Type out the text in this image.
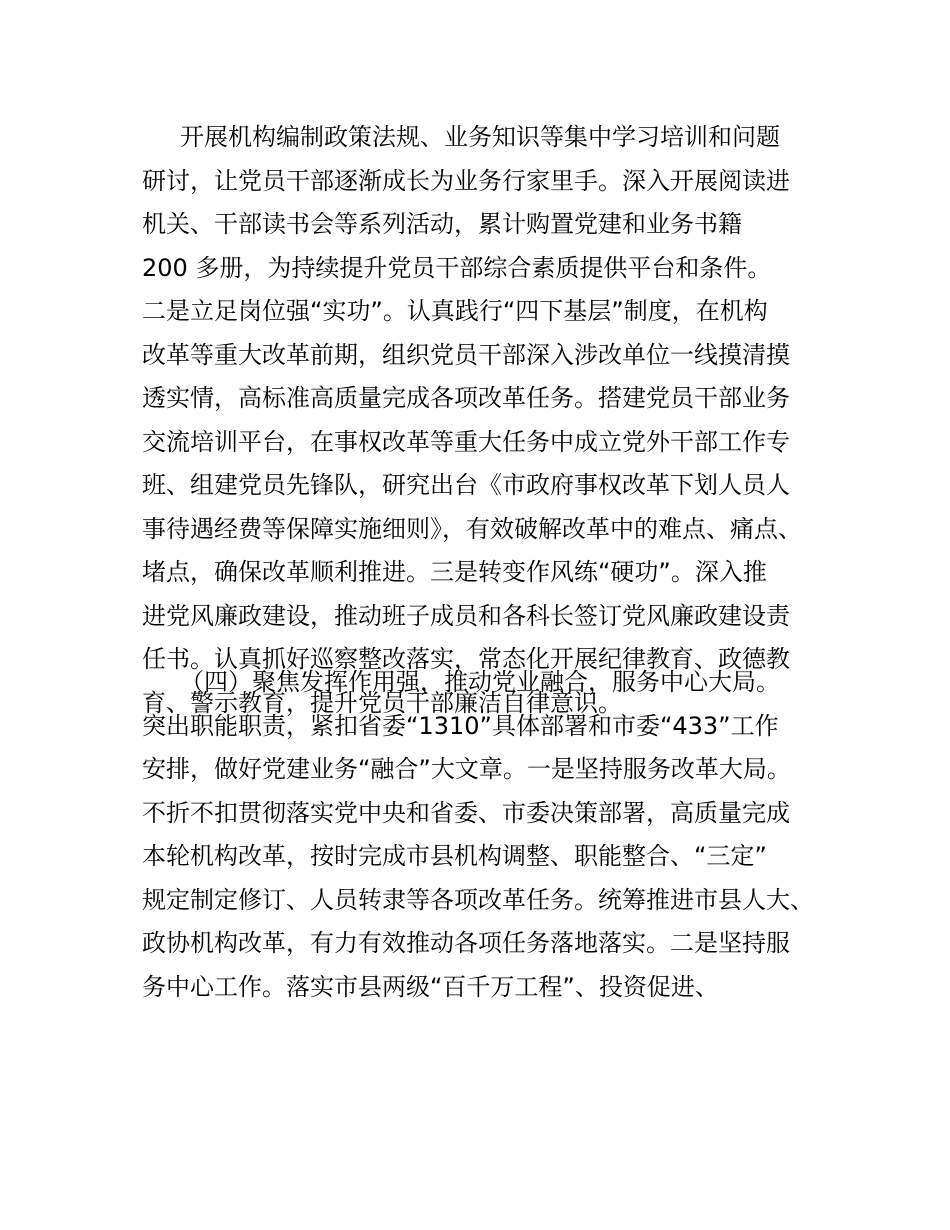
开展机构编制政策法规、业务知识等集中学习培训和问题
研讨，让党员干部逐渐成长为业务行家里手。深入开展阅读进
机关、干部读书会等系列活动，累计购置党建和业务书籍
200 多册，为持续提升党员干部综合素质提供平台和条件。
二是立足岗位强“实功”。认真践行“四下基层”制度，在机构
改革等重大改革前期，组织党员干部深入涉改单位一线摸清摸
透实情，高标准高质量完成各项改革任务。搭建党员干部业务
交流培训平台，在事权改革等重大任务中成立党外干部工作专
班、组建党员先锋队，研究出台《市政府事权改革下划人员人
事待遇经费等保障实施细则》，有效破解改革中的难点、痛点、
堵点，确保改革顺利推进。三是转变作风练“硬功”。深入推
进党风廉政建设，推动班子成员和各科长签订党风廉政建设责
任书。认真抓好巡察整改落实，常态化开展纪律教育、政德教
育、警示教育，提升党员干部廉洁自律意识。
（四）聚焦发挥作用强，推动党业融合，服务中心大局。
突出职能职责，紧扣省委“1310”具体部署和市委“433”工作
安排，做好党建业务“融合”大文章。一是坚持服务改革大局。
不折不扣贯彻落实党中央和省委、市委决策部署，高质量完成
本轮机构改革，按时完成市县机构调整、职能整合、“三定”
规定制定修订、人员转隶等各项改革任务。统筹推进市县人大、
政协机构改革，有力有效推动各项任务落地落实。二是坚持服
务中心工作。落实市县两级“百千万工程”、投资促进、
